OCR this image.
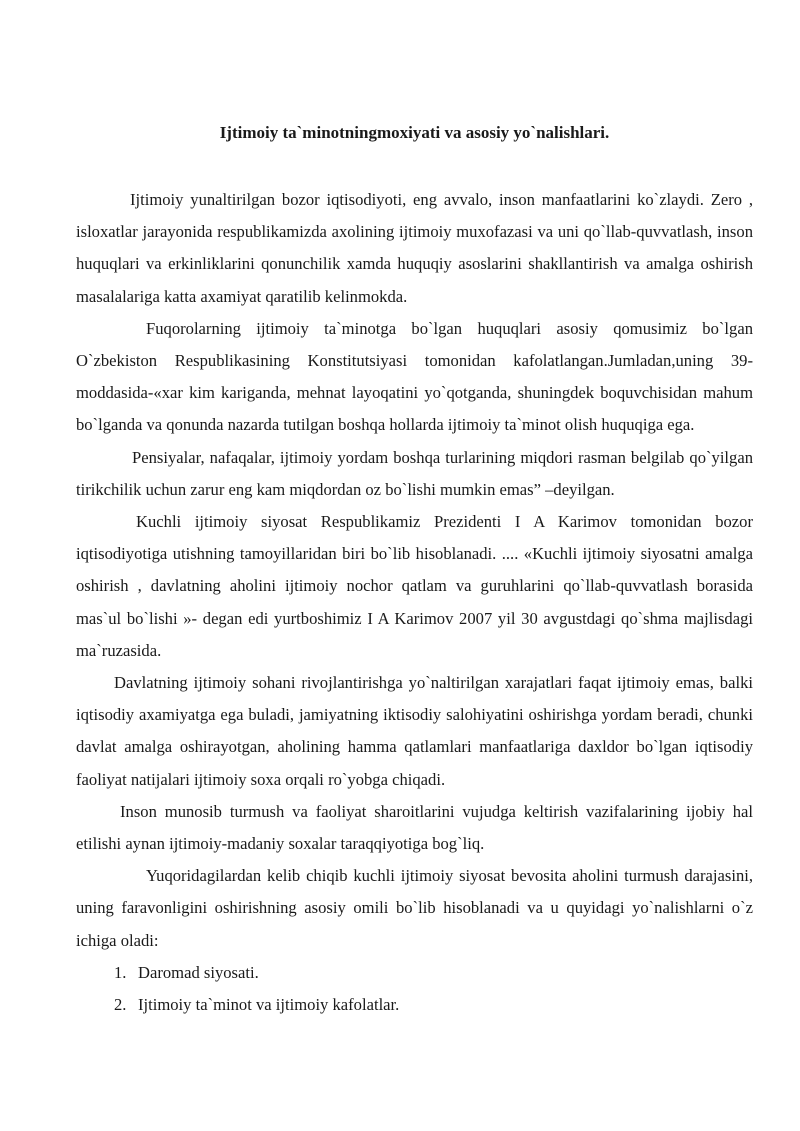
Ijtimoiy ta`minotningmoxiyati va asosiy yo`nalishlari.

Ijtimoiy yunaltirilgan bozor iqtisodiyoti, eng avvalo, inson manfaatlarini ko`zlaydi. Zero , isloxatlar jarayonida respublikamizda axolining ijtimoiy muxofazasi va uni qo`llab-quvvatlash, inson huquqlari va erkinliklarini qonunchilik xamda huquqiy asoslarini shakllantirish va amalga oshirish masalalariga katta axamiyat qaratilib kelinmokda.

Fuqorolarning ijtimoiy ta`minotga bo`lgan huquqlari asosiy qomusimiz bo`lgan O`zbekiston Respublikasining Konstitutsiyasi tomonidan kafolatlangan.Jumladan,uning 39-moddasida-«xar kim kariganda, mehnat layoqatini yo`qotganda, shuningdek boquvchisidan mahum bo`lganda va qonunda nazarda tutilgan boshqa hollarda ijtimoiy ta`minot olish huquqiga ega.

Pensiyalar, nafaqalar, ijtimoiy yordam boshqa turlarining miqdori rasman belgilab qo`yilgan tirikchilik uchun zarur eng kam miqdordan oz bo`lishi mumkin emas” –deyilgan.

Kuchli ijtimoiy siyosat Respublikamiz Prezidenti I A Karimov tomonidan bozor iqtisodiyotiga utishning tamoyillaridan biri bo`lib hisoblanadi. .... «Kuchli ijtimoiy siyosatni amalga oshirish , davlatning aholini ijtimoiy nochor qatlam va guruhlarini qo`llab-quvvatlash borasida mas`ul bo`lishi »- degan edi yurtboshimiz I A Karimov 2007 yil 30 avgustdagi qo`shma majlisdagi ma`ruzasida.

Davlatning ijtimoiy sohani rivojlantirishga yo`naltirilgan xarajatlari faqat ijtimoiy emas, balki iqtisodiy axamiyatga ega buladi, jamiyatning iktisodiy salohiyatini oshirishga yordam beradi, chunki davlat amalga oshirayotgan, aholining hamma qatlamlari manfaatlariga daxldor bo`lgan iqtisodiy faoliyat natijalari ijtimoiy soxa orqali ro`yobga chiqadi.

Inson munosib turmush va faoliyat sharoitlarini vujudga keltirish vazifalarining ijobiy hal etilishi aynan ijtimoiy-madaniy soxalar taraqqiyotiga bog`liq.

Yuqoridagilardan kelib chiqib kuchli ijtimoiy siyosat bevosita aholini turmush darajasini, uning faravonligini oshirishning asosiy omili bo`lib hisoblanadi va u quyidagi yo`nalishlarni o`z ichiga oladi:

1. Daromad siyosati.
2. Ijtimoiy ta`minot va ijtimoiy kafolatlar.
